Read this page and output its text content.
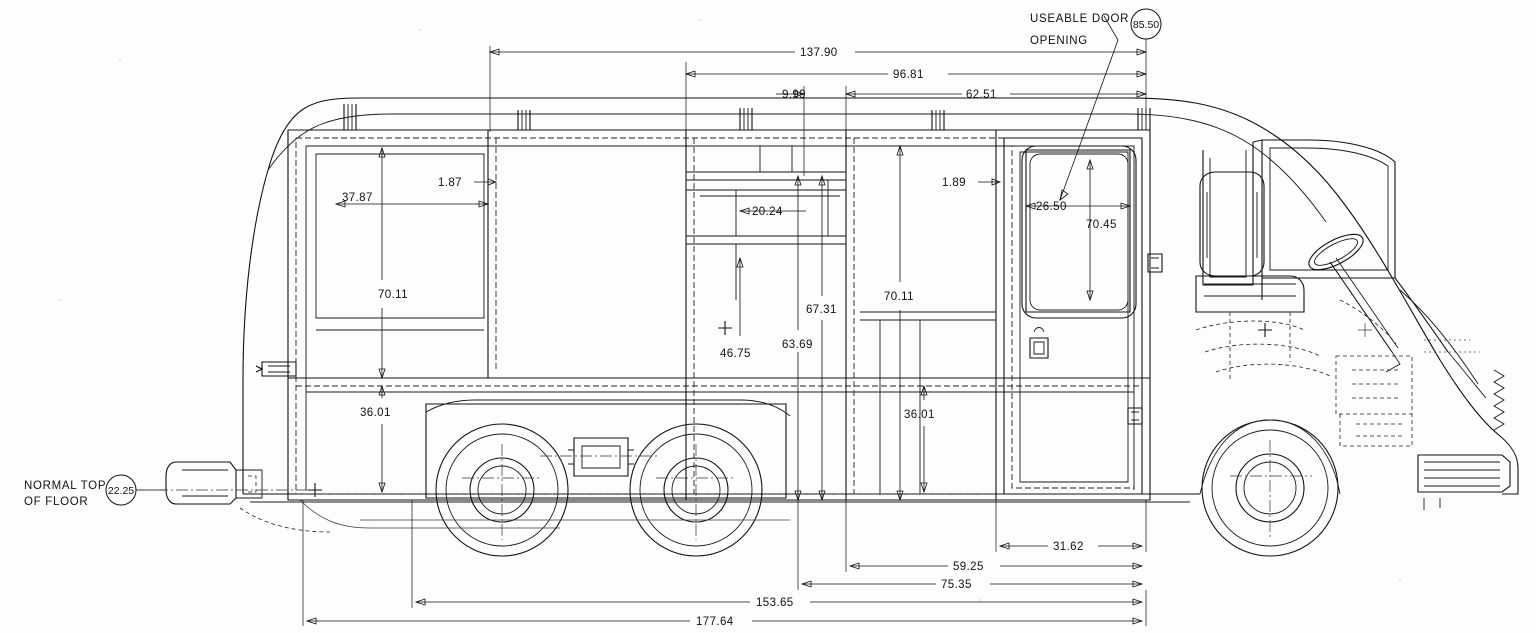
137.90
96.81
9.99	62.51
1.87	1.89
37.87
20.24	26.50
70.45
70.11
67.31
63.69
70.11
46.75
36.01	36.01
31.62
59.25
75.35
153.65
177.64
USEABLE DOOR
OPENING
NORMAL TOP
OF FLOOR
85.50
22.25
